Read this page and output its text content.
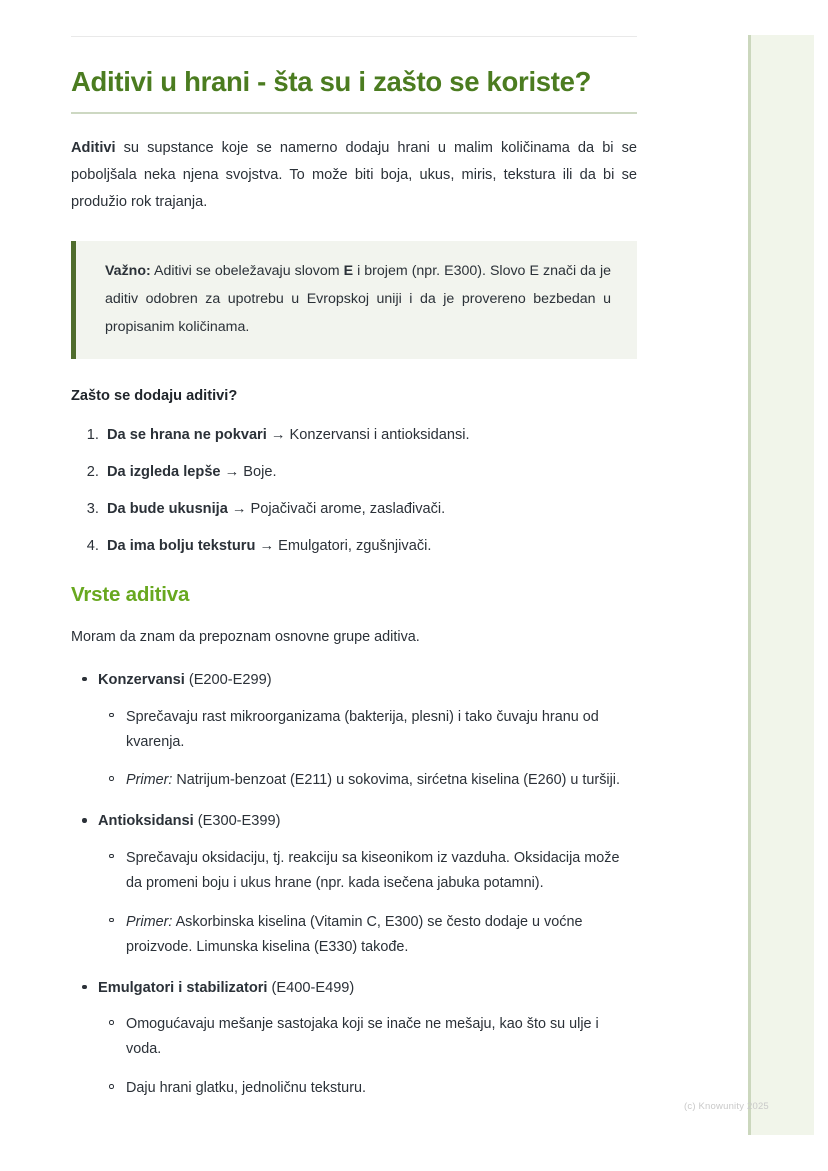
Aditivi u hrani - šta su i zašto se koriste?

Aditivi su supstance koje se namerno dodaju hrani u malim količinama da bi se poboljšala neka njena svojstva. To može biti boja, ukus, miris, tekstura ili da bi se produžio rok trajanja.

Važno: Aditivi se obeležavaju slovom E i brojem (npr. E300). Slovo E znači da je aditiv odobren za upotrebu u Evropskoj uniji i da je provereno bezbedan u propisanim količinama.

Zašto se dodaju aditivi?
1. Da se hrana ne pokvari → Konzervansi i antioksidansi.
2. Da izgleda lepše → Boje.
3. Da bude ukusnija → Pojačivači arome, zaslađivači.
4. Da ima bolju teksturu → Emulgatori, zgušnjivači.
Vrste aditiva

Moram da znam da prepoznam osnovne grupe aditiva.

Konzervansi (E200-E299)
Sprečavaju rast mikroorganizama (bakterija, plesni) i tako čuvaju hranu od kvarenja.
Primer: Natrijum-benzoat (E211) u sokovima, sirćetna kiselina (E260) u turšiji.
Antioksidansi (E300-E399)
Sprečavaju oksidaciju, tj. reakciju sa kiseonikom iz vazduha. Oksidacija može da promeni boju i ukus hrane (npr. kada isečena jabuka potamni).
Primer: Askorbinska kiselina (Vitamin C, E300) se često dodaje u voćne proizvode. Limunska kiselina (E330) takođe.
Emulgatori i stabilizatori (E400-E499)
Omogućavaju mešanje sastojaka koji se inače ne mešaju, kao što su ulje i voda.
Daju hrani glatku, jednoličnu teksturu.
(c) Knowunity 2025
